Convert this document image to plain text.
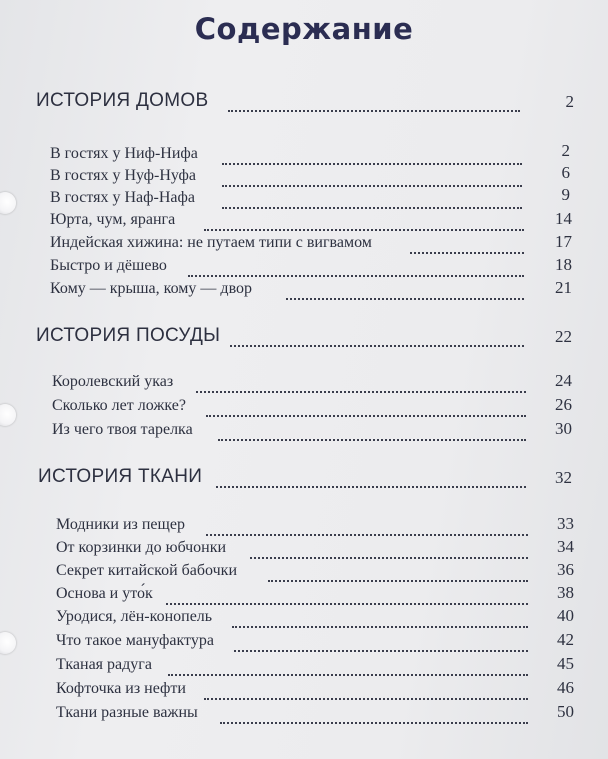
Содержание
ИСТОРИЯ ДОМОВ	2
В гостях у Ниф-Нифа	2
В гостях у Нуф-Нуфа	6
В гостях у Наф-Нафа	9
Юрта, чум, яранга	14
Индейская хижина: не путаем типи с вигвамом	17
Быстро и дёшево	18
Кому — крыша, кому — двор	21
ИСТОРИЯ ПОСУДЫ	22
Королевский указ	24
Сколько лет ложке?	26
Из чего твоя тарелка	30
ИСТОРИЯ ТКАНИ	32
Модники из пещер	33
От корзинки до юбчонки	34
Секрет китайской бабочки	36
Основа и уто́к	38
Уродися, лён-конопель	40
Что такое мануфактура	42
Тканая радуга	45
Кофточка из нефти	46
Ткани разные важны	50
